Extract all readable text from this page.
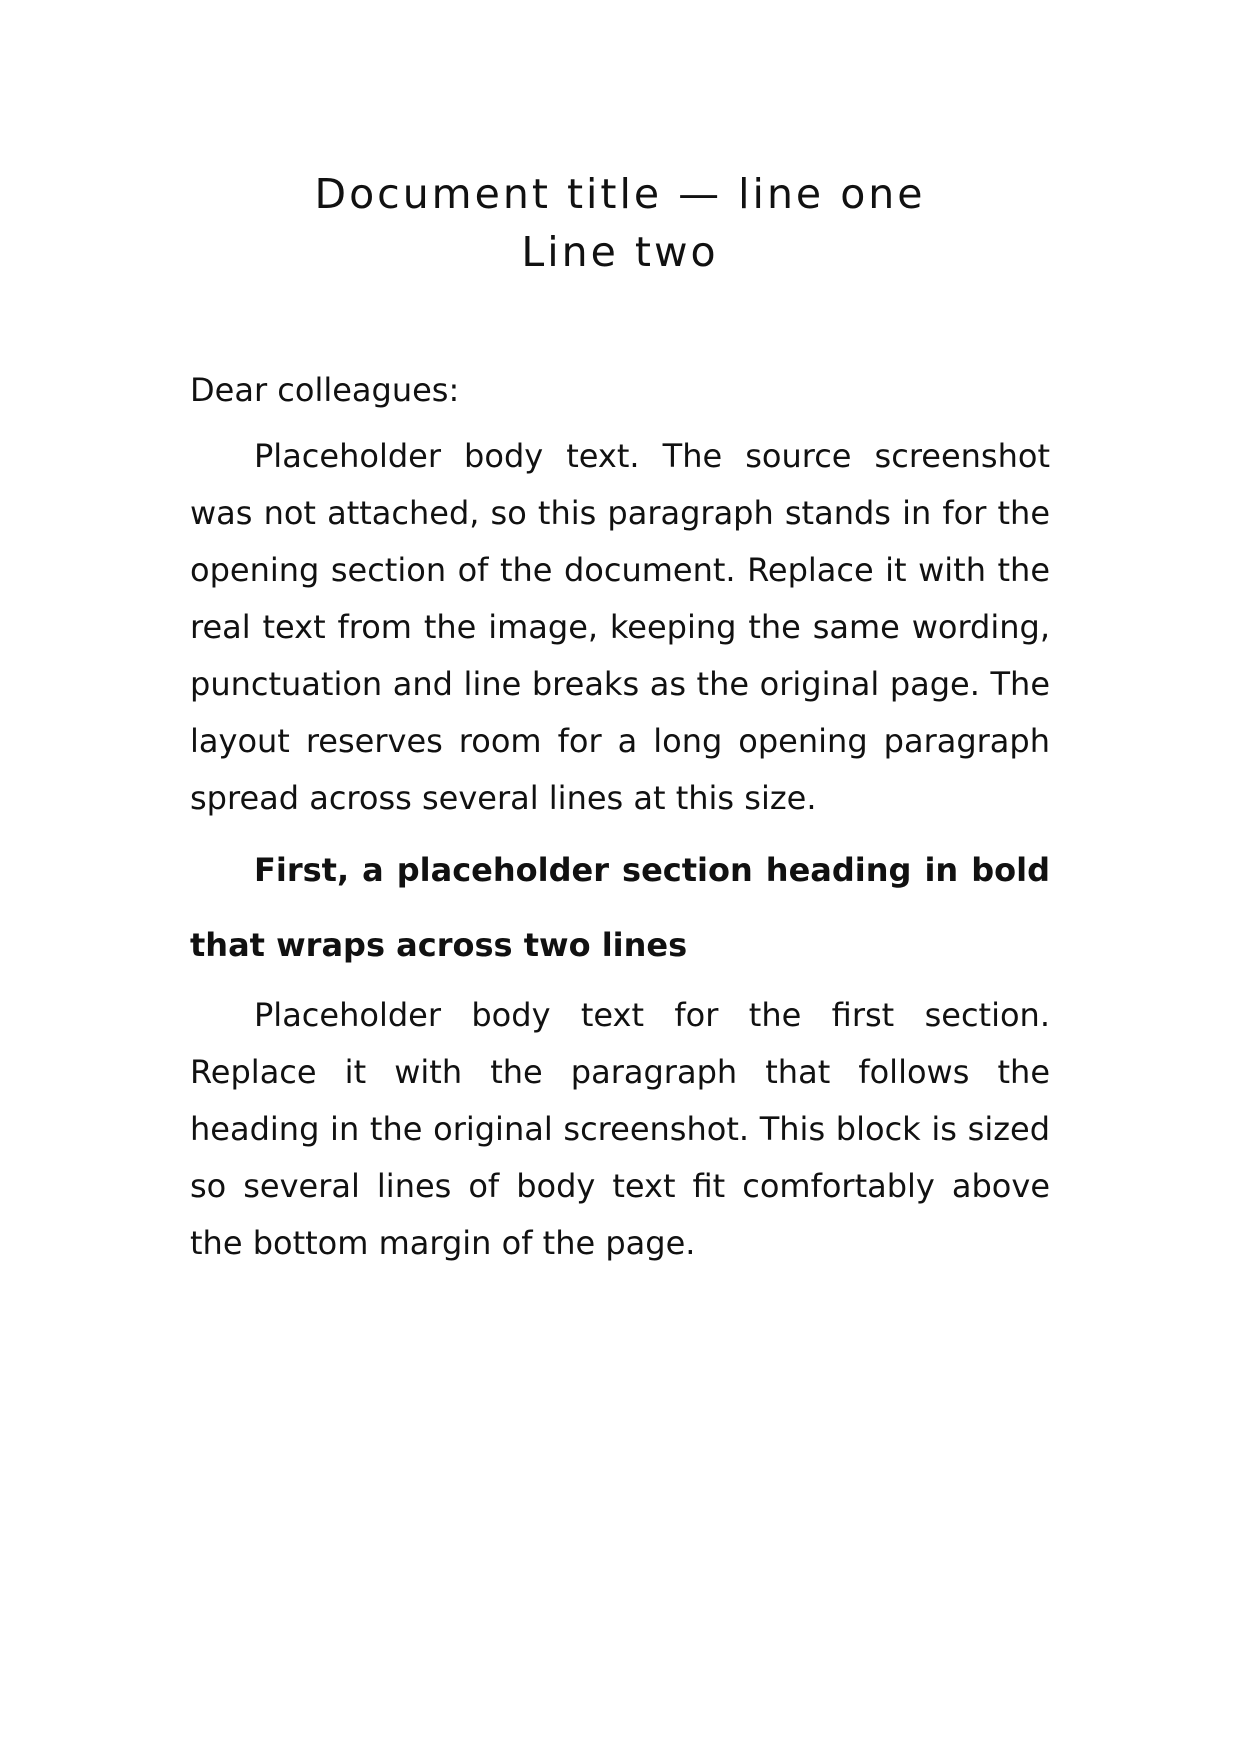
Document title — line one
Line two

Dear colleagues:

Placeholder body text. The source screenshot was not attached, so this paragraph stands in for the opening section of the document. Replace it with the real text from the image, keeping the same wording, punctuation and line breaks as the original page. The layout reserves room for a long opening paragraph spread across several lines at this size.

First, a placeholder section heading in bold that wraps across two lines

Placeholder body text for the first section. Replace it with the paragraph that follows the heading in the original screenshot. This block is sized so several lines of body text fit comfortably above the bottom margin of the page.
